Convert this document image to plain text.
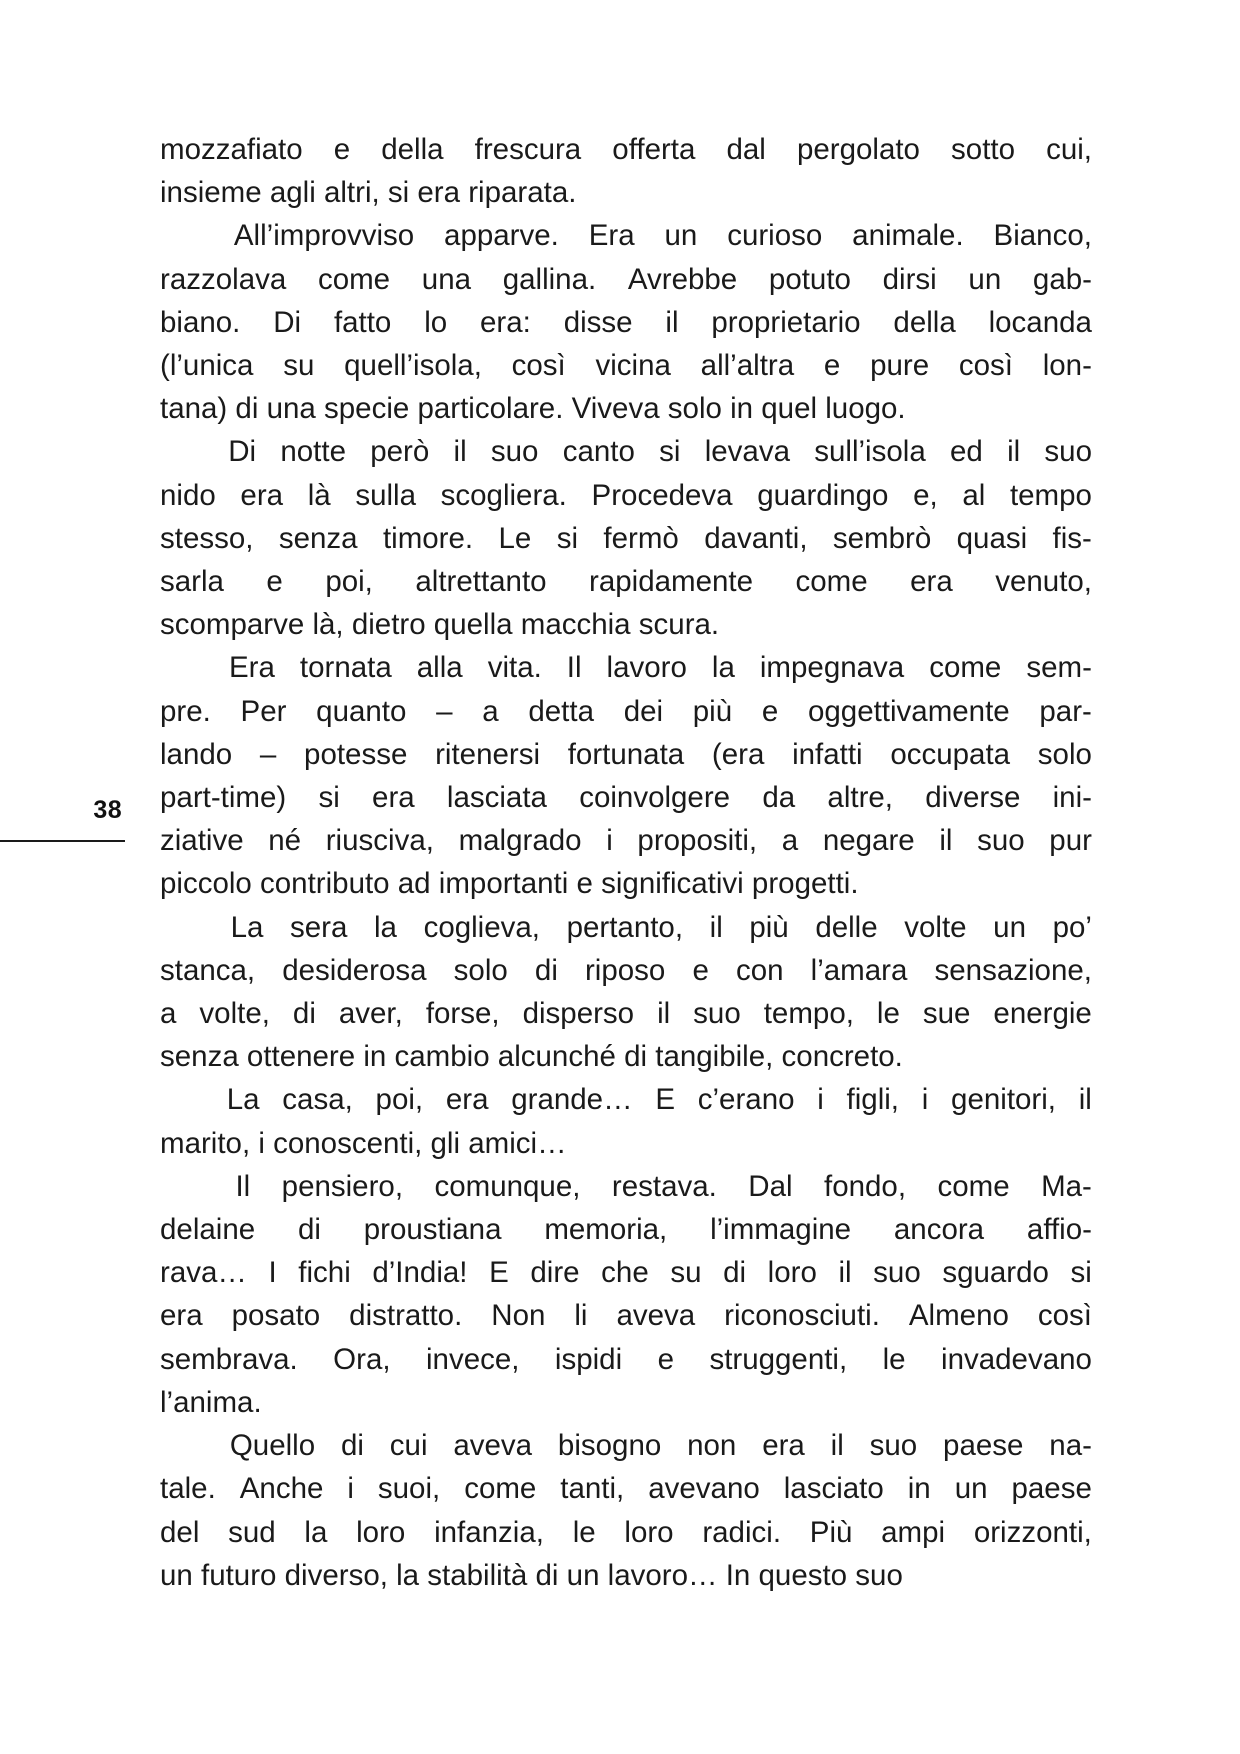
38

mozzafiato e della frescura offerta dal pergolato sotto cui,
insieme agli altri, si era riparata.

All’improvviso apparve. Era un curioso animale. Bianco,
razzolava come una gallina. Avrebbe potuto dirsi un gab-
biano. Di fatto lo era: disse il proprietario della locanda
(l’unica su quell’isola, così vicina all’altra e pure così lon-
tana) di una specie particolare. Viveva solo in quel luogo.

Di notte però il suo canto si levava sull’isola ed il suo
nido era là sulla scogliera. Procedeva guardingo e, al tempo
stesso, senza timore. Le si fermò davanti, sembrò quasi fis-
sarla e poi, altrettanto rapidamente come era venuto,
scomparve là, dietro quella macchia scura.

Era tornata alla vita. Il lavoro la impegnava come sem-
pre. Per quanto – a detta dei più e oggettivamente par-
lando – potesse ritenersi fortunata (era infatti occupata solo
part-time) si era lasciata coinvolgere da altre, diverse ini-
ziative né riusciva, malgrado i propositi, a negare il suo pur
piccolo contributo ad importanti e significativi progetti.

La sera la coglieva, pertanto, il più delle volte un po’
stanca, desiderosa solo di riposo e con l’amara sensazione,
a volte, di aver, forse, disperso il suo tempo, le sue energie
senza ottenere in cambio alcunché di tangibile, concreto.

La casa, poi, era grande… E c’erano i figli, i genitori, il
marito, i conoscenti, gli amici…

Il pensiero, comunque, restava. Dal fondo, come Ma-
delaine di proustiana memoria, l’immagine ancora affio-
rava… I fichi d’India! E dire che su di loro il suo sguardo si
era posato distratto. Non li aveva riconosciuti. Almeno così
sembrava. Ora, invece, ispidi e struggenti, le invadevano
l’anima.

Quello di cui aveva bisogno non era il suo paese na-
tale. Anche i suoi, come tanti, avevano lasciato in un paese
del sud la loro infanzia, le loro radici. Più ampi orizzonti,
un futuro diverso, la stabilità di un lavoro… In questo suo
